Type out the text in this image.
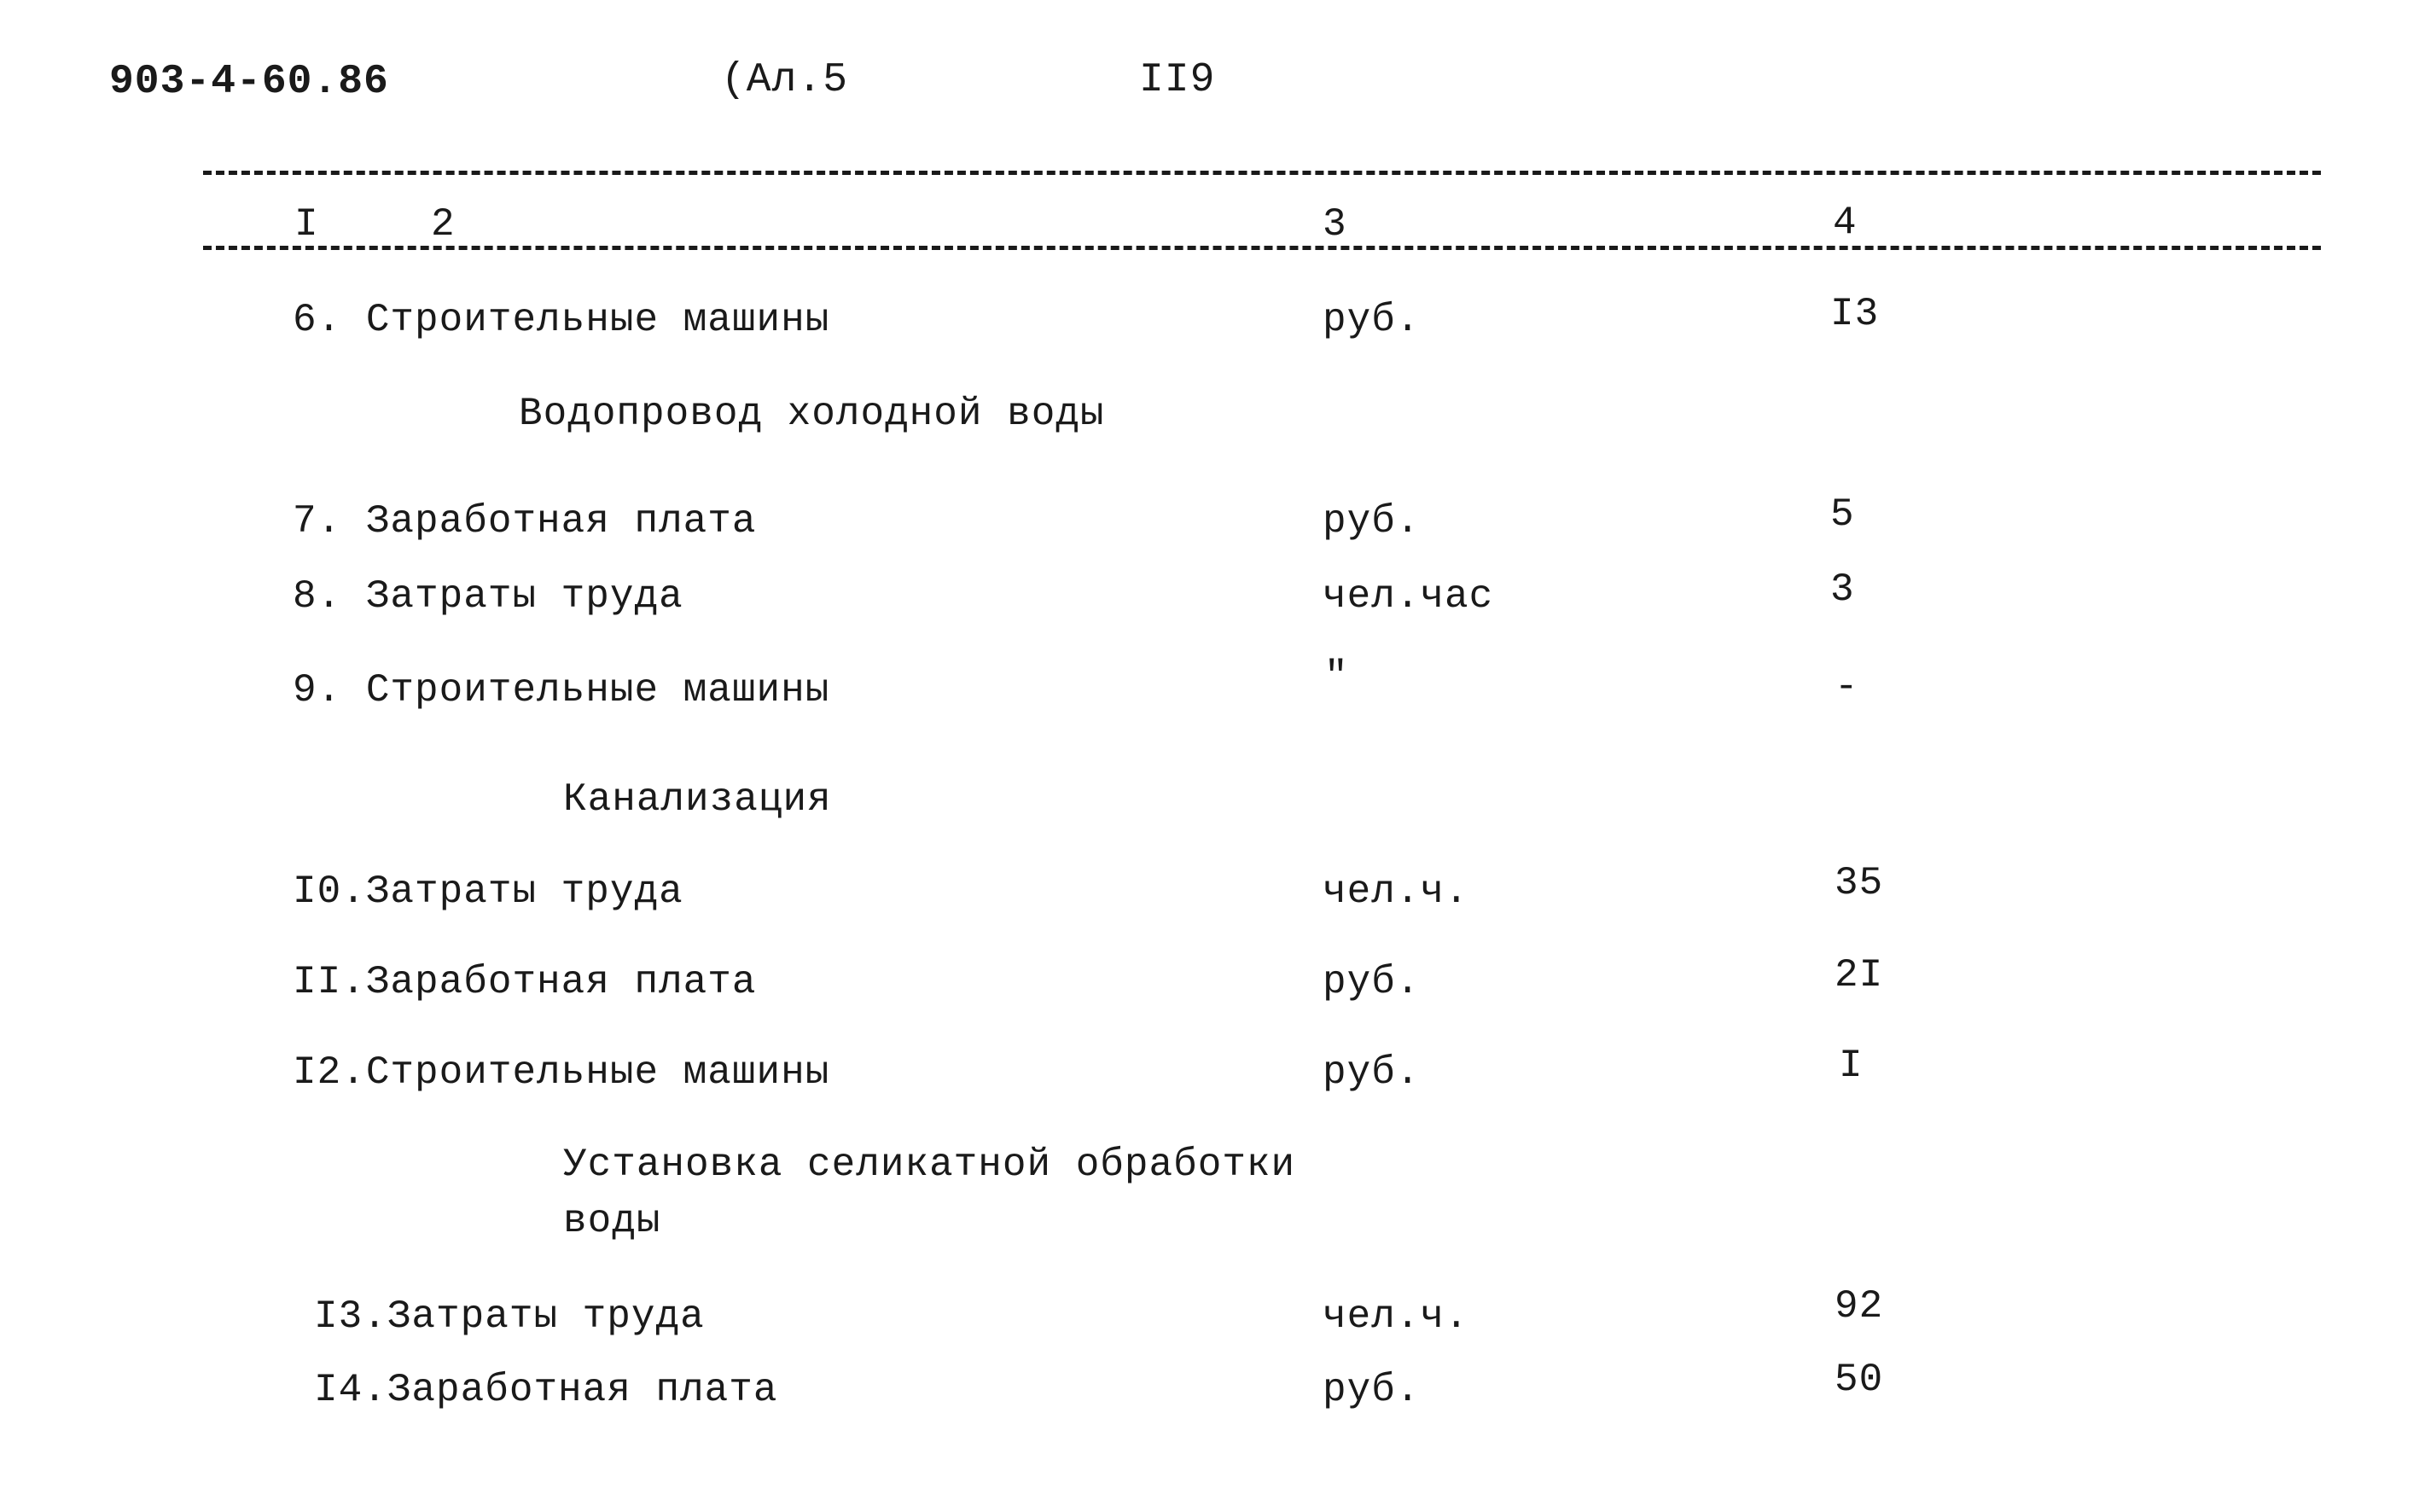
903-4-60.86	(Ал.5	II9
I	2	3	4
6. Строительные машины	руб.	I3
Водопровод холодной воды
7. Заработная плата	руб.	5
8. Затраты труда	чел.час	3
9. Строительные машины	"	-
Канализация
I0.Затраты труда	чел.ч.	35
II.Заработная плата	руб.	2I
I2.Строительные машины	руб.	I
Установка селикатной обработки
воды
I3.Затраты труда	чел.ч.	92
I4.Заработная плата	руб.	50
